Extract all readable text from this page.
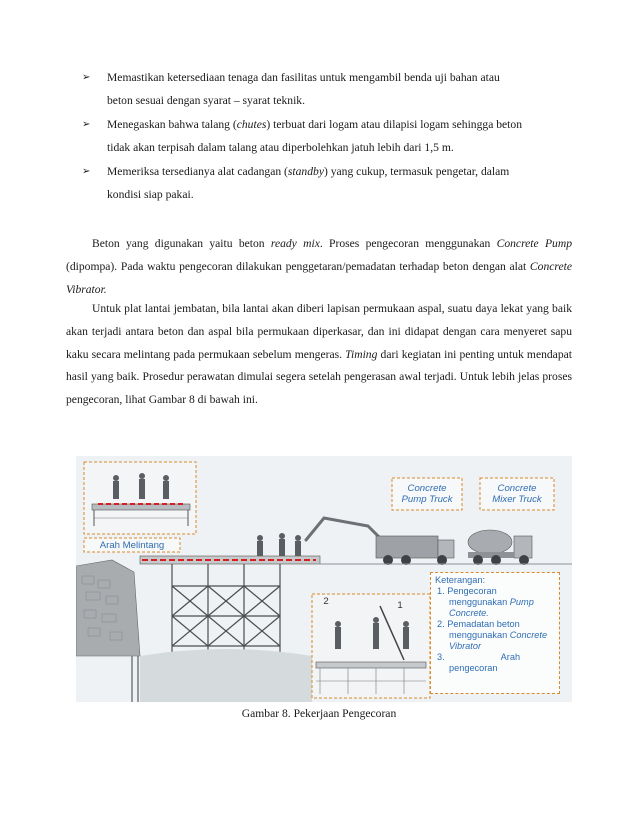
➢ Memastikan ketersediaan tenaga dan fasilitas untuk mengambil benda uji bahan atau
beton sesuai dengan syarat – syarat teknik.
➢ Menegaskan bahwa talang (chutes) terbuat dari logam atau dilapisi logam sehingga beton
tidak akan terpisah dalam talang atau diperbolehkan jatuh lebih dari 1,5 m.
➢ Memeriksa tersedianya alat cadangan (standby) yang cukup, termasuk pengetar, dalam
kondisi siap pakai.
Beton yang digunakan yaitu beton ready mix. Proses pengecoran menggunakan Concrete Pump (dipompa). Pada waktu pengecoran dilakukan penggetaran/pemadatan terhadap beton dengan alat Concrete Vibrator.
Untuk plat lantai jembatan, bila lantai akan diberi lapisan permukaan aspal, suatu daya lekat yang baik akan terjadi antara beton dan aspal bila permukaan diperkasar, dan ini didapat dengan cara menyeret sapu kaku secara melintang pada permukaan sebelum mengeras. Timing dari kegiatan ini penting untuk mendapat hasil yang baik. Prosedur perawatan dimulai segera setelah pengerasan awal terjadi. Untuk lebih jelas proses pengecoran, lihat Gambar 8 di bawah ini.
Concrete
Pump Truck
Concrete
Mixer Truck
Arah Melintang
2	1
Keterangan:
1. Pengecoran
menggunakan Pump
Concrete.
2. Pemadatan beton
menggunakan Concrete
Vibrator
3.	Arah
pengecoran
Gambar 8. Pekerjaan Pengecoran
